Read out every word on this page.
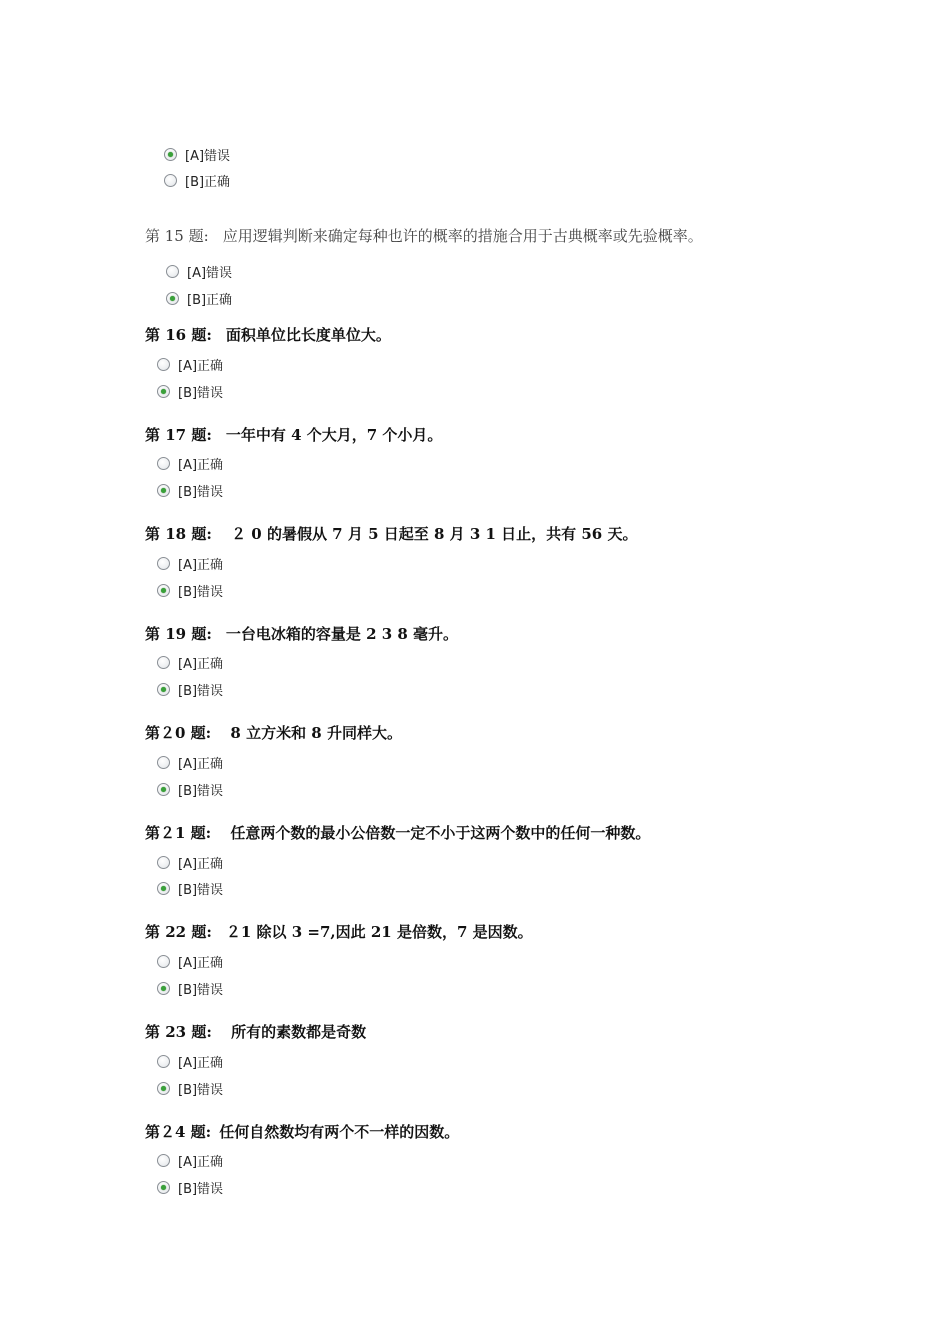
[A]错误
[B]正确
第 15 题: 应用逻辑判断来确定每种也许的概率的措施合用于古典概率或先验概率。
[A]错误
[B]正确
第 16 题: 面积单位比长度单位大。
[A]正确
[B]错误
第 17 题: 一年中有 4 个大月，7 个小月。
[A]正确
[B]错误
第 18 题: ２ 0 的暑假从 7 月 5 日起至 8 月 3 1 日止，共有 56 天。
[A]正确
[B]错误
第 19 题: 一台电冰箱的容量是 2 3 8 毫升。
[A]正确
[B]错误
第２0 题: 8 立方米和 8 升同样大。
[A]正确
[B]错误
第２1 题: 任意两个数的最小公倍数一定不小于这两个数中的任何一种数。
[A]正确
[B]错误
第 22 题: ２1 除以 3 =7,因此 21 是倍数，7 是因数。
[A]正确
[B]错误
第 23 题: 所有的素数都是奇数
[A]正确
[B]错误
第２4 题: 任何自然数均有两个不一样的因数。
[A]正确
[B]错误
